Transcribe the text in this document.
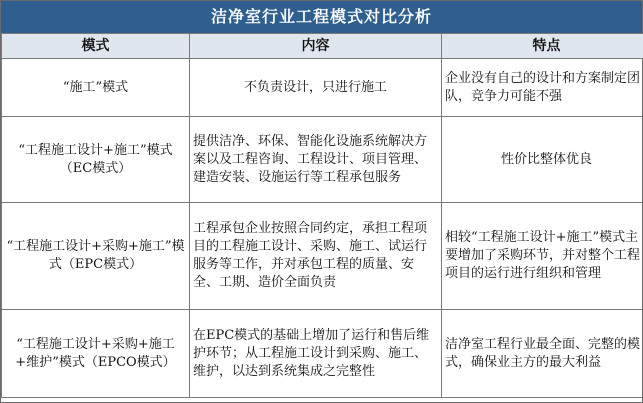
洁净室行业工程模式对比分析
模式	内容	特点
“施工”模式	不负责设计，只进行施工	企业没有自己的设计和方案制定团队，竞争力可能不强
“工程施工设计+施工”模式（EC模式）	提供洁净、环保、智能化设施系统解决方案以及工程咨询、工程设计、项目管理、建造安装、设施运行等工程承包服务	性价比整体优良
“工程施工设计+采购+施工”模式（EPC模式）	工程承包企业按照合同约定，承担工程项目的工程施工设计、采购、施工、试运行服务等工作，并对承包工程的质量、安全、工期、造价全面负责	相较“工程施工设计+施工”模式主要增加了采购环节，并对整个工程项目的运行进行组织和管理
“工程施工设计+采购+施工+维护”模式（EPCO模式）	在EPC模式的基础上增加了运行和售后维护环节；从工程施工设计到采购、施工、维护，以达到系统集成之完整性	洁净室工程行业最全面、完整的模式，确保业主方的最大利益
